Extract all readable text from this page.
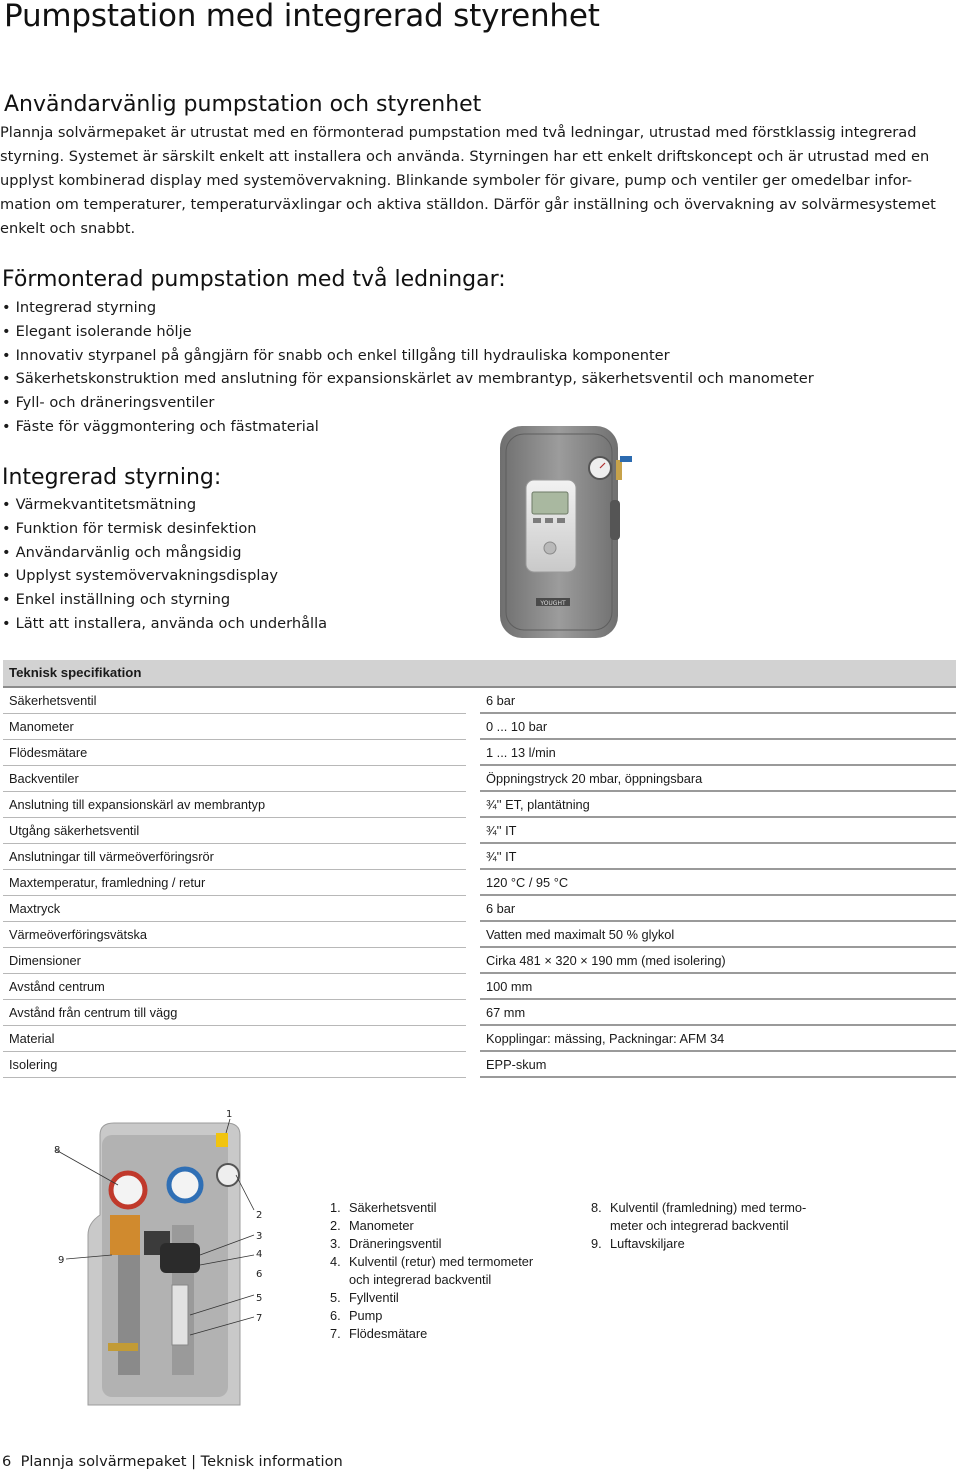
Pumpstation med integrerad styrenhet
Användarvänlig pumpstation och styrenhet

Plannja solvärmepaket är utrustat med en förmonterad pumpstation med två ledningar, utrustad med förstklassig integrerad
styrning. Systemet är särskilt enkelt att installera och använda. Styrningen har ett enkelt driftskoncept och är utrustad med en
upplyst kombinerad display med systemövervakning. Blinkande symboler för givare, pump och ventiler ger omedelbar infor-
mation om temperaturer, temperaturväxlingar och aktiva ställdon. Därför går inställning och övervakning av solvärmesystemet
enkelt och snabbt.

Förmonterad pumpstation med två ledningar:
• Integrerad styrning
• Elegant isolerande hölje
• Innovativ styrpanel på gångjärn för snabb och enkel tillgång till hydrauliska komponenter
• Säkerhetskonstruktion med anslutning för expansionskärlet av membrantyp, säkerhetsventil och manometer
• Fyll- och dräneringsventiler
• Fäste för väggmontering och fästmaterial
Integrerad styrning:
• Värmekvantitetsmätning
• Funktion för termisk desinfektion
• Användarvänlig och mångsidig
• Upplyst systemövervakningsdisplay
• Enkel inställning och styrning
• Lätt att installera, använda och underhålla
YOUGHT
Teknisk specifikation
Säkerhetsventil	6 bar
Manometer	0 ... 10 bar
Flödesmätare	1 ... 13 l/min
Backventiler	Öppningstryck 20 mbar, öppningsbara
Anslutning till expansionskärl av membrantyp	¾'' ET, plantätning
Utgång säkerhetsventil	¾'' IT
Anslutningar till värmeöverföringsrör	¾'' IT
Maxtemperatur, framledning / retur	120 °C / 95 °C
Maxtryck	6 bar
Värmeöverföringsvätska	Vatten med maximalt 50 % glykol
Dimensioner	Cirka 481 × 320 × 190 mm (med isolering)
Avstånd centrum	100 mm
Avstånd från centrum till vägg	67 mm
Material	Kopplingar: mässing, Packningar: AFM 34
Isolering	EPP-skum
1
2
3
4
5
6
7
8
9
1. Säkerhetsventil
2. Manometer
3. Dräneringsventil
4. Kulventil (retur) med termometer
och integrerad backventil
5. Fyllventil
6. Pump
7. Flödesmätare
8. Kulventil (framledning) med termo-
meter och integrerad backventil
9. Luftavskiljare
6 Plannja solvärmepaket | Teknisk information
